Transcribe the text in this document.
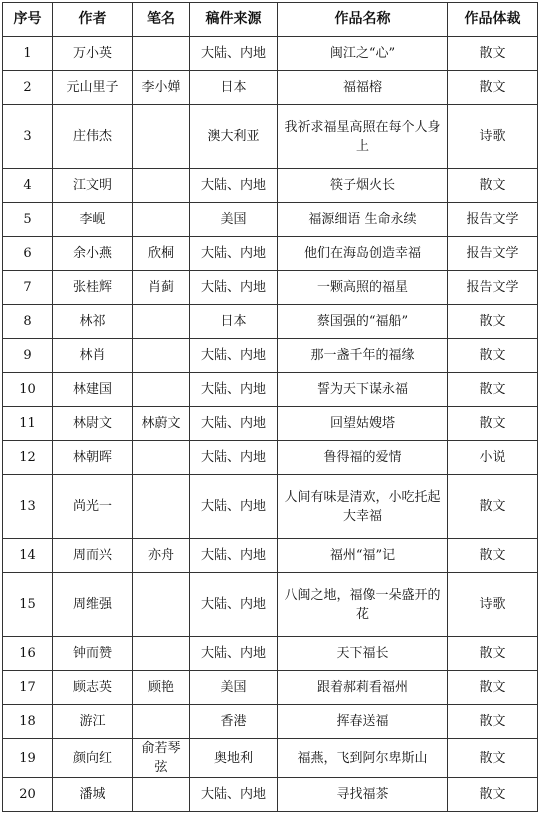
序号	作者	笔名	稿件来源	作品名称	作品体裁
1	万小英		大陆、内地	闽江之“心”	散文
2	元山里子	李小婵	日本	福福榕	散文
3	庄伟杰		澳大利亚	我祈求福星高照在每个人身上	诗歌
4	江文明		大陆、内地	筷子烟火长	散文
5	李岘		美国	福源细语 生命永续	报告文学
6	余小燕	欣桐	大陆、内地	他们在海岛创造幸福	报告文学
7	张桂辉	肖蓟	大陆、内地	一颗高照的福星	报告文学
8	林祁		日本	蔡国强的“福船”	散文
9	林肖		大陆、内地	那一盏千年的福缘	散文
10	林建国		大陆、内地	誓为天下谋永福	散文
11	林尉文	林蔚文	大陆、内地	回望姑嫂塔	散文
12	林朝晖		大陆、内地	鲁得福的爱情	小说
13	尚光一		大陆、内地	人间有味是清欢，小吃托起大幸福	散文
14	周而兴	亦舟	大陆、内地	福州“福”记	散文
15	周维强		大陆、内地	八闽之地，福像一朵盛开的花	诗歌
16	钟而赞		大陆、内地	天下福长	散文
17	顾志英	顾艳	美国	跟着郝莉看福州	散文
18	游江		香港	挥春送福	散文
19	颜向红	俞若琴 弦	奥地利	福燕，飞到阿尔卑斯山	散文
20	潘城		大陆、内地	寻找福茶	散文
